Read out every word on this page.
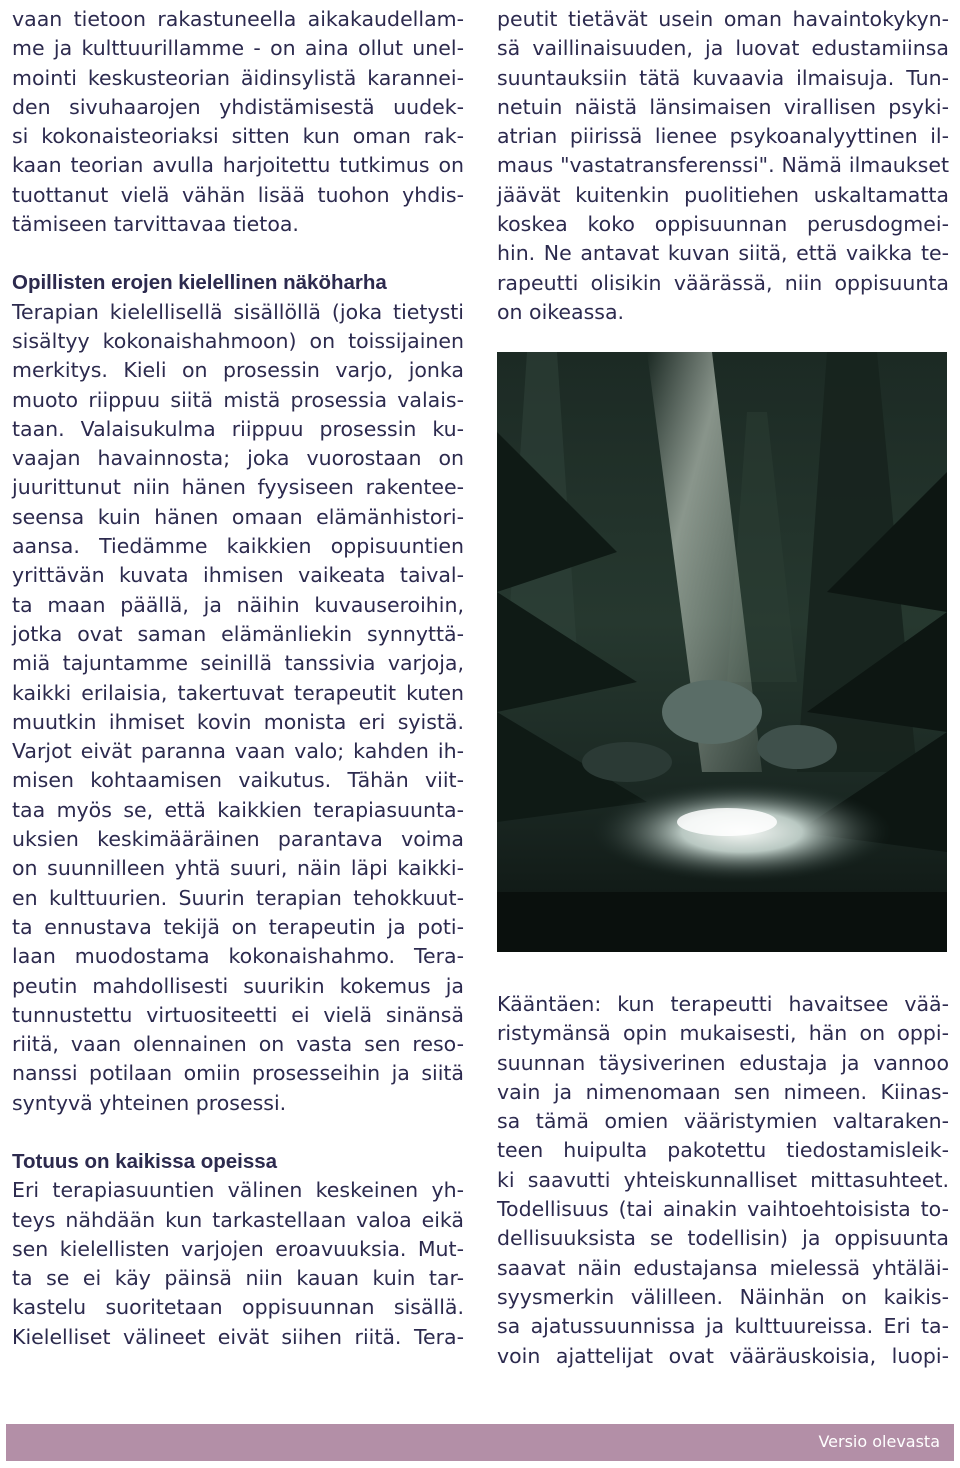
vaan tietoon rakastuneella aikakaudellam-
me ja kulttuurillamme - on aina ollut unel-
mointi keskusteorian äidinsylistä karannei-
den sivuhaarojen yhdistämisestä uudek-
si kokonaisteoriaksi sitten kun oman rak-
kaan teorian avulla harjoitettu tutkimus on
tuottanut vielä vähän lisää tuohon yhdis-
tämiseen tarvittavaa tietoa.
Opillisten erojen kielellinen näköharha
Terapian kielellisellä sisällöllä (joka tietysti
sisältyy kokonaishahmoon) on toissijainen
merkitys. Kieli on prosessin varjo, jonka
muoto riippuu siitä mistä prosessia valais-
taan. Valaisukulma riippuu prosessin ku-
vaajan havainnosta; joka vuorostaan on
juurittunut niin hänen fyysiseen rakentee-
seensa kuin hänen omaan elämänhistori-
aansa. Tiedämme kaikkien oppisuuntien
yrittävän kuvata ihmisen vaikeata taival-
ta maan päällä, ja näihin kuvauseroihin,
jotka ovat saman elämänliekin synnyttä-
miä tajuntamme seinillä tanssivia varjoja,
kaikki erilaisia, takertuvat terapeutit kuten
muutkin ihmiset kovin monista eri syistä.
Varjot eivät paranna vaan valo; kahden ih-
misen kohtaamisen vaikutus. Tähän viit-
taa myös se, että kaikkien terapiasuunta-
uksien keskimääräinen parantava voima
on suunnilleen yhtä suuri, näin läpi kaikki-
en kulttuurien. Suurin terapian tehokkuut-
ta ennustava tekijä on terapeutin ja poti-
laan muodostama kokonaishahmo. Tera-
peutin mahdollisesti suurikin kokemus ja
tunnustettu virtuositeetti ei vielä sinänsä
riitä, vaan olennainen on vasta sen reso-
nanssi potilaan omiin prosesseihin ja siitä
syntyvä yhteinen prosessi.
Totuus on kaikissa opeissa
Eri terapiasuuntien välinen keskeinen yh-
teys nähdään kun tarkastellaan valoa eikä
sen kielellisten varjojen eroavuuksia. Mut-
ta se ei käy päinsä niin kauan kuin tar-
kastelu suoritetaan oppisuunnan sisällä.
Kielelliset välineet eivät siihen riitä. Tera-
peutit tietävät usein oman havaintokykyn-
sä vaillinaisuuden, ja luovat edustamiinsa
suuntauksiin tätä kuvaavia ilmaisuja. Tun-
netuin näistä länsimaisen virallisen psyki-
atrian piirissä lienee psykoanalyyttinen il-
maus "vastatransferenssi". Nämä ilmaukset
jäävät kuitenkin puolitiehen uskaltamatta
koskea koko oppisuunnan perusdogmei-
hin. Ne antavat kuvan siitä, että vaikka te-
rapeutti olisikin väärässä, niin oppisuunta
on oikeassa.
Kääntäen: kun terapeutti havaitsee vää-
ristymänsä opin mukaisesti, hän on oppi-
suunnan täysiverinen edustaja ja vannoo
vain ja nimenomaan sen nimeen. Kiinas-
sa tämä omien vääristymien valtaraken-
teen huipulta pakotettu tiedostamisleik-
ki saavutti yhteiskunnalliset mittasuhteet.
Todellisuus (tai ainakin vaihtoehtoisista to-
dellisuuksista se todellisin) ja oppisuunta
saavat näin edustajansa mielessä yhtäläi-
syysmerkin välilleen. Näinhän on kaikis-
sa ajatussuunnissa ja kulttuureissa. Eri ta-
voin ajattelijat ovat vääräuskoisia, luopi-
Versio olevasta
